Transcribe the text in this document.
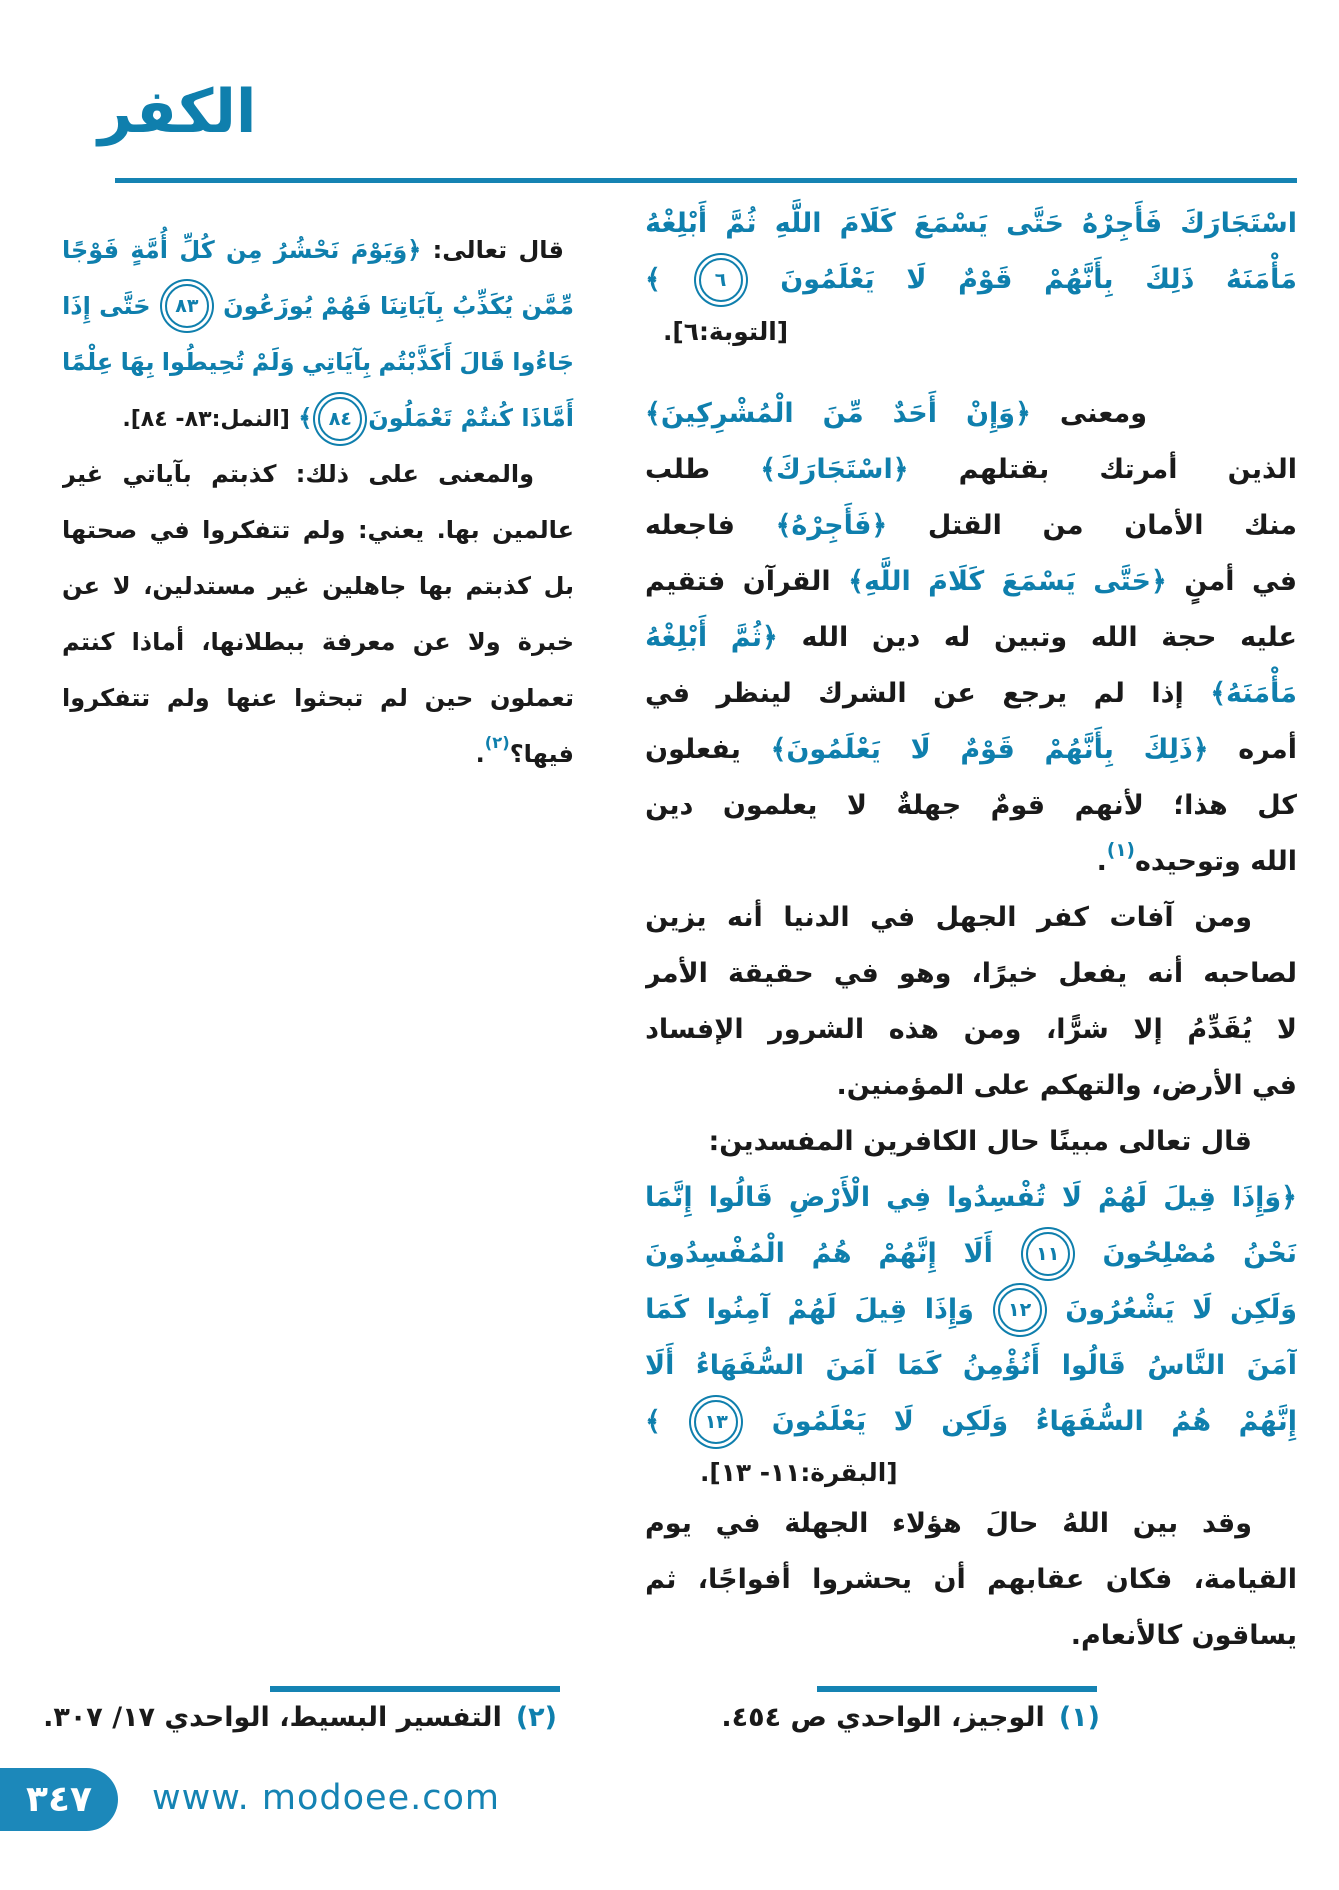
الكفر
اسْتَجَارَكَ
فَأَجِرْهُ
حَتَّى
يَسْمَعَ
كَلَامَ
اللَّهِ
ثُمَّ
أَبْلِغْهُ
مَأْمَنَهُ
ذَلِكَ
بِأَنَّهُمْ
قَوْمٌ
لَا
يَعْلَمُونَ
٦
﴾
[التوبة:٦].
ومعنى
﴿وَإِنْ
أَحَدٌ
مِّنَ
الْمُشْرِكِينَ﴾
الذين
أمرتك
بقتلهم
﴿اسْتَجَارَكَ﴾
طلب
منك
الأمان
من
القتل
﴿فَأَجِرْهُ﴾
فاجعله
في
أمنٍ
﴿حَتَّى
يَسْمَعَ
كَلَامَ
اللَّهِ﴾
القرآن
فتقيم
عليه
حجة
الله
وتبين
له
دين
الله
﴿ثُمَّ
أَبْلِغْهُ
مَأْمَنَهُ﴾
إذا
لم
يرجع
عن
الشرك
لينظر
في
أمره
﴿ذَلِكَ
بِأَنَّهُمْ
قَوْمٌ
لَا
يَعْلَمُونَ﴾
يفعلون
كل
هذا؛
لأنهم
قومٌ
جهلةٌ
لا
يعلمون
دين
الله وتوحيده$^{(١)}$.
ومن
آفات
كفر
الجهل
في
الدنيا
أنه
يزين
لصاحبه
أنه
يفعل
خيرًا،
وهو
في
حقيقة
الأمر
لا
يُقَدِّمُ
إلا
شرًّا،
ومن
هذه
الشرور
الإفساد
في الأرض، والتهكم على المؤمنين.
قال تعالى مبينًا حال الكافرين المفسدين:
﴿وَإِذَا
قِيلَ
لَهُمْ
لَا
تُفْسِدُوا
فِي
الْأَرْضِ
قَالُوا
إِنَّمَا
نَحْنُ
مُصْلِحُونَ
١١
أَلَا
إِنَّهُمْ
هُمُ
الْمُفْسِدُونَ
وَلَكِن
لَا
يَشْعُرُونَ
١٢
وَإِذَا
قِيلَ
لَهُمْ
آمِنُوا
كَمَا
آمَنَ
النَّاسُ
قَالُوا
أَنُؤْمِنُ
كَمَا
آمَنَ
السُّفَهَاءُ
أَلَا
إِنَّهُمْ
هُمُ
السُّفَهَاءُ
وَلَكِن
لَا
يَعْلَمُونَ
١٣
﴾
[البقرة:١١- ١٣].
وقد
بين
اللهُ
حالَ
هؤلاء
الجهلة
في
يوم
القيامة،
فكان
عقابهم
أن
يحشروا
أفواجًا،
ثم
يساقون كالأنعام.
قال
تعالى:
﴿وَيَوْمَ
نَحْشُرُ
مِن
كُلِّ
أُمَّةٍ
فَوْجًا
مِّمَّن
يُكَذِّبُ
بِآيَاتِنَا
فَهُمْ
يُوزَعُونَ
٨٣
حَتَّى
إِذَا
جَاءُوا
قَالَ
أَكَذَّبْتُم
بِآيَاتِي
وَلَمْ
تُحِيطُوا
بِهَا
عِلْمًا
أَمَّاذَا كُنتُمْ تَعْمَلُونَ٨٤﴾ [النمل:٨٣- ٨٤].
والمعنى
على
ذلك:
كذبتم
بآياتي
غير
عالمين
بها.
يعني:
ولم
تتفكروا
في
صحتها
بل
كذبتم
بها
جاهلين
غير
مستدلين،
لا
عن
خبرة
ولا
عن
معرفة
ببطلانها،
أماذا
كنتم
تعملون
حين
لم
تبحثوا
عنها
ولم
تتفكروا
فيها؟$^{(٢)}$.
(١)الوجيز، الواحدي ص ٤٥٤.
(٢)التفسير البسيط، الواحدي ١٧/ ٣٠٧.
٣٤٧ www. modoee.com
